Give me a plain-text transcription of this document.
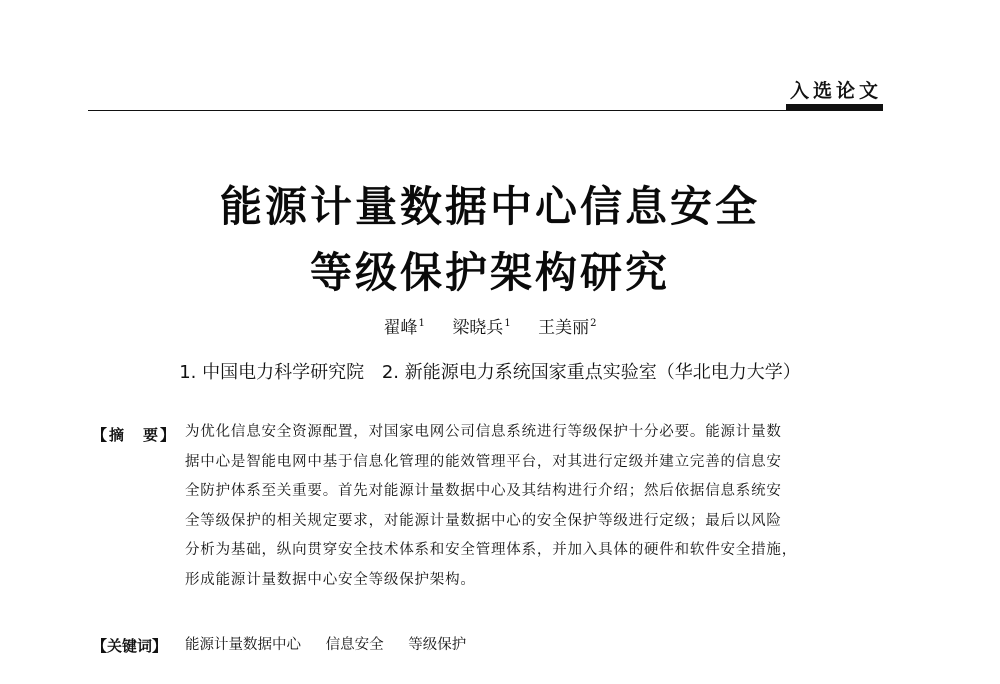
入选论文
能源计量数据中心信息安全
等级保护架构研究
翟峰$^1$ 梁晓兵$^1$ 王美丽$^2$
1. 中国电力科学研究院 2. 新能源电力系统国家重点实验室（华北电力大学）
【摘　要】 为优化信息安全资源配置，对国家电网公司信息系统进行等级保护十分必要。能源计量数
据中心是智能电网中基于信息化管理的能效管理平台，对其进行定级并建立完善的信息安
全防护体系至关重要。首先对能源计量数据中心及其结构进行介绍；然后依据信息系统安
全等级保护的相关规定要求，对能源计量数据中心的安全保护等级进行定级；最后以风险
分析为基础，纵向贯穿安全技术体系和安全管理体系，并加入具体的硬件和软件安全措施，
形成能源计量数据中心安全等级保护架构。
【关键词】 能源计量数据中心 信息安全 等级保护
